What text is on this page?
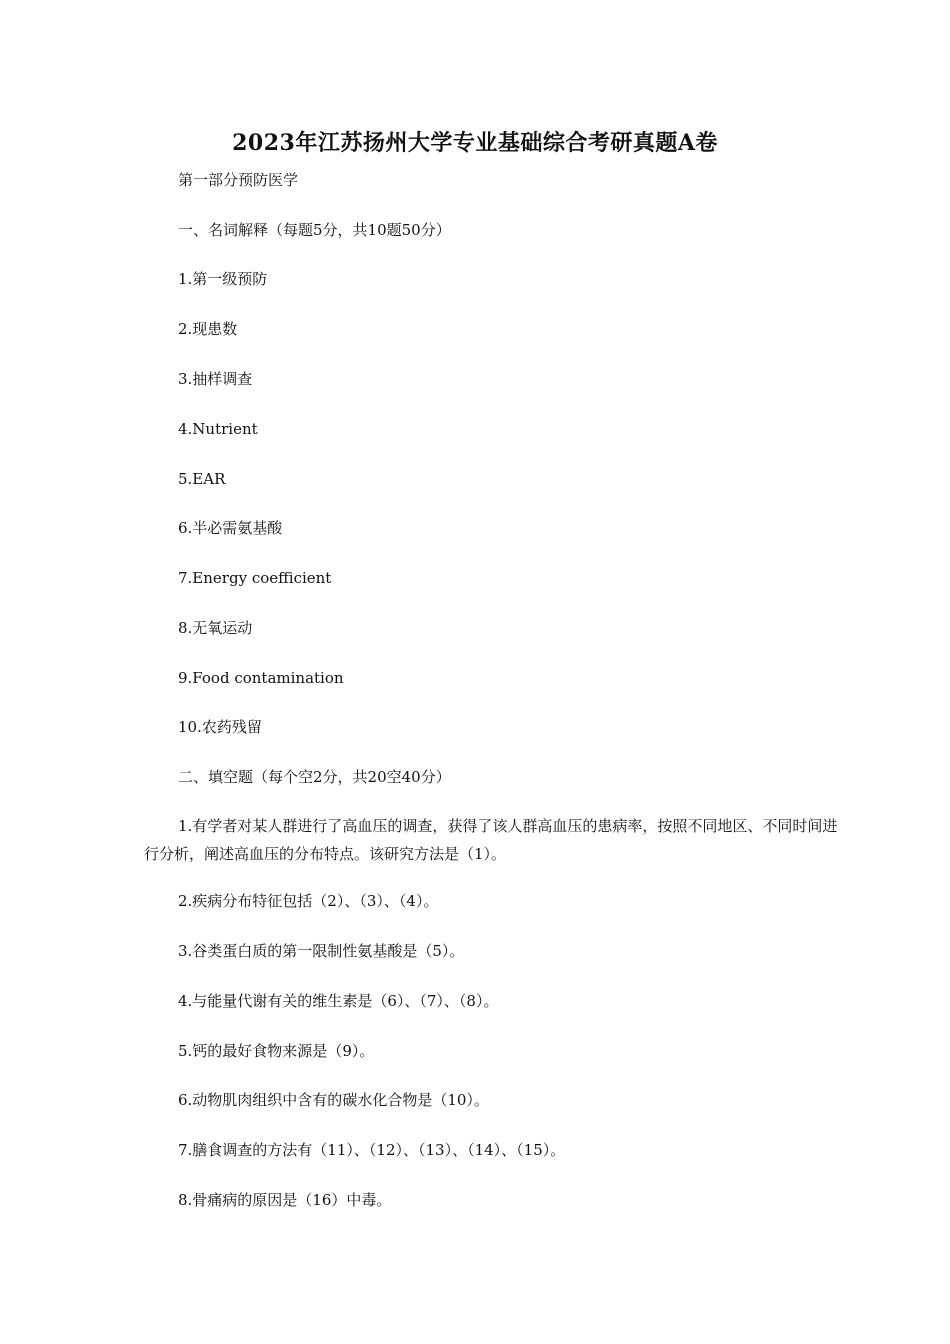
2023年江苏扬州大学专业基础综合考研真题A卷
第一部分预防医学
一、名词解释（每题5分，共10题50分）
1.第一级预防
2.现患数
3.抽样调查
4.Nutrient
5.EAR
6.半必需氨基酸
7.Energy coefficient
8.无氧运动
9.Food contamination
10.农药残留
二、填空题（每个空2分，共20空40分）
1.有学者对某人群进行了高血压的调查，获得了该人群高血压的患病率，按照不同地区、不同时间进行分析，阐述高血压的分布特点。该研究方法是（1）。
2.疾病分布特征包括（2）、（3）、（4）。
3.谷类蛋白质的第一限制性氨基酸是（5）。
4.与能量代谢有关的维生素是（6）、（7）、（8）。
5.钙的最好食物来源是（9）。
6.动物肌肉组织中含有的碳水化合物是（10）。
7.膳食调查的方法有（11）、（12）、（13）、（14）、（15）。
8.骨痛病的原因是（16）中毒。
